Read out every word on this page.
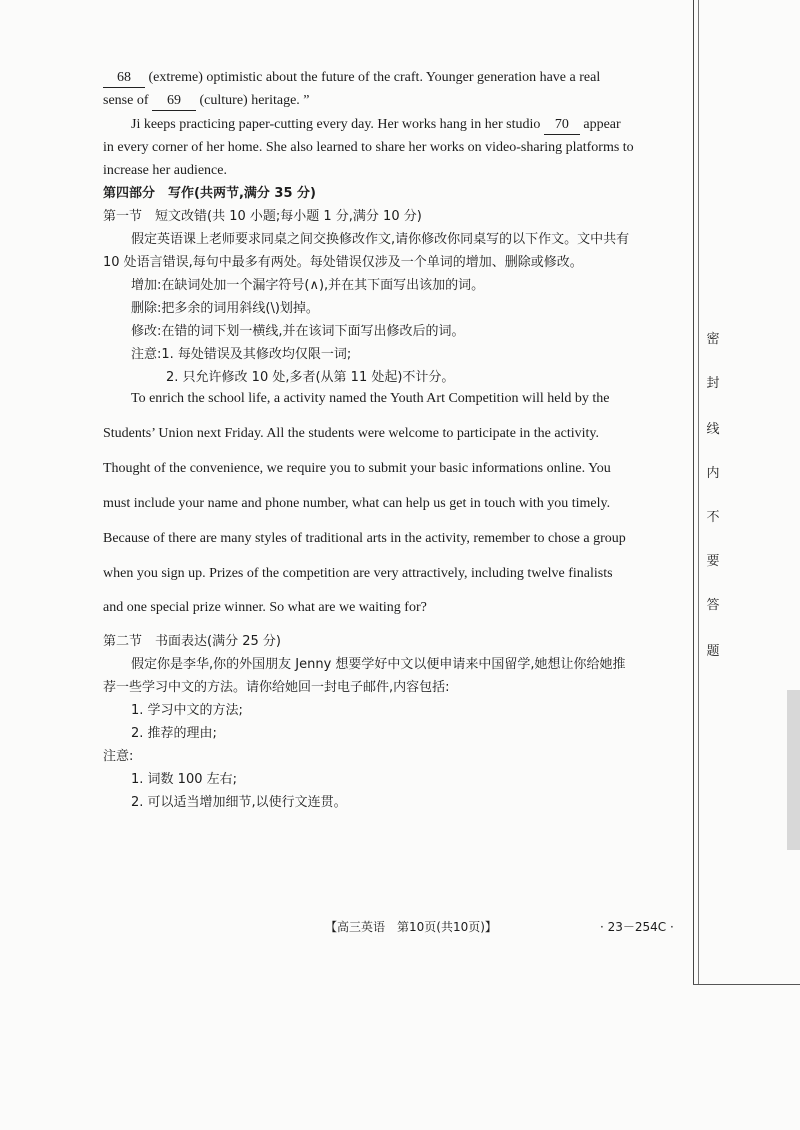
68 (extreme) optimistic about the future of the craft. Younger generation have a real
sense of 69 (culture) heritage. ”
Ji keeps practicing paper-cutting every day. Her works hang in her studio 70 appear
in every corner of her home. She also learned to share her works on video-sharing platforms to
increase her audience.
第四部分　写作(共两节,满分 35 分)
第一节　短文改错(共 10 小题;每小题 1 分,满分 10 分)
假定英语课上老师要求同桌之间交换修改作文,请你修改你同桌写的以下作文。文中共有
10 处语言错误,每句中最多有两处。每处错误仅涉及一个单词的增加、删除或修改。
增加:在缺词处加一个漏字符号(∧),并在其下面写出该加的词。
删除:把多余的词用斜线(\)划掉。
修改:在错的词下划一横线,并在该词下面写出修改后的词。
注意:1. 每处错误及其修改均仅限一词;
2. 只允许修改 10 处,多者(从第 11 处起)不计分。
To enrich the school life, a activity named the Youth Art Competition will held by the
Students’ Union next Friday. All the students were welcome to participate in the activity.
Thought of the convenience, we require you to submit your basic informations online. You
must include your name and phone number, what can help us get in touch with you timely.
Because of there are many styles of traditional arts in the activity, remember to chose a group
when you sign up. Prizes of the competition are very attractively, including twelve finalists
and one special prize winner. So what are we waiting for?
第二节　书面表达(满分 25 分)
假定你是李华,你的外国朋友 Jenny 想要学好中文以便申请来中国留学,她想让你给她推
荐一些学习中文的方法。请你给她回一封电子邮件,内容包括:
1. 学习中文的方法;
2. 推荐的理由;
注意:
1. 词数 100 左右;
2. 可以适当增加细节,以使行文连贯。
【高三英语　第10页(共10页)】	· 23－254C ·
密
封
线
内
不
要
答
题
